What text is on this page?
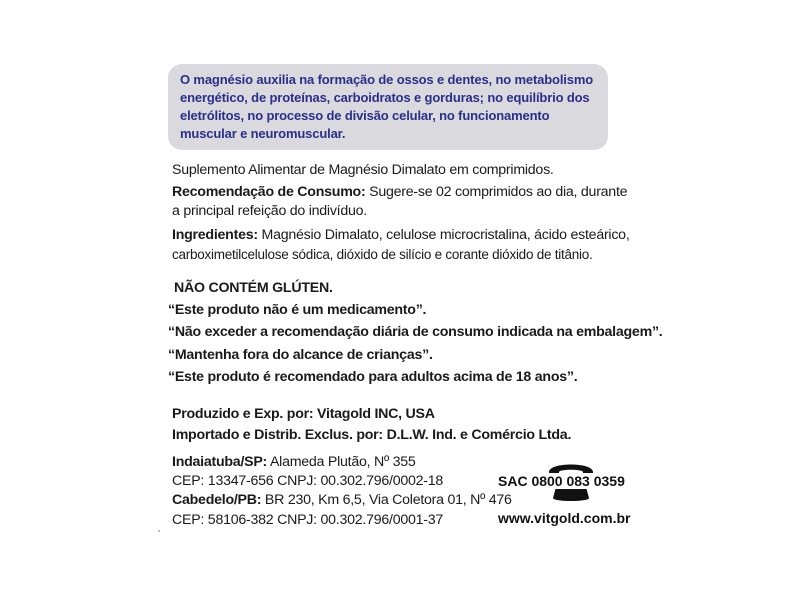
O magnésio auxilia na formação de ossos e dentes, no metabolismo

energético, de proteínas, carboidratos e gorduras; no equilíbrio dos

eletrólitos, no processo de divisão celular, no funcionamento

muscular e neuromuscular.

Suplemento Alimentar de Magnésio Dimalato em comprimidos.

Recomendação de Consumo: Sugere-se 02 comprimidos ao dia, durante

a principal refeição do indivíduo.

Ingredientes: Magnésio Dimalato, celulose microcristalina, ácido esteárico,

carboximetilcelulose sódica, dióxido de silício e corante dióxido de titânio.

NÃO CONTÉM GLÚTEN.

“Este produto não é um medicamento”.

“Não exceder a recomendação diária de consumo indicada na embalagem”.

“Mantenha fora do alcance de crianças”.

“Este produto é recomendado para adultos acima de 18 anos”.

Produzido e Exp. por: Vitagold INC, USA

Importado e Distrib. Exclus. por: D.L.W. Ind. e Comércio Ltda.

Indaiatuba/SP: Alameda Plutão, Nº 355

CEP: 13347-656 CNPJ: 00.302.796/0002-18

Cabedelo/PB: BR 230, Km 6,5, Via Coletora 01, Nº 476

CEP: 58106-382 CNPJ: 00.302.796/0001-37

SAC 0800 083 0359
www.vitgold.com.br
